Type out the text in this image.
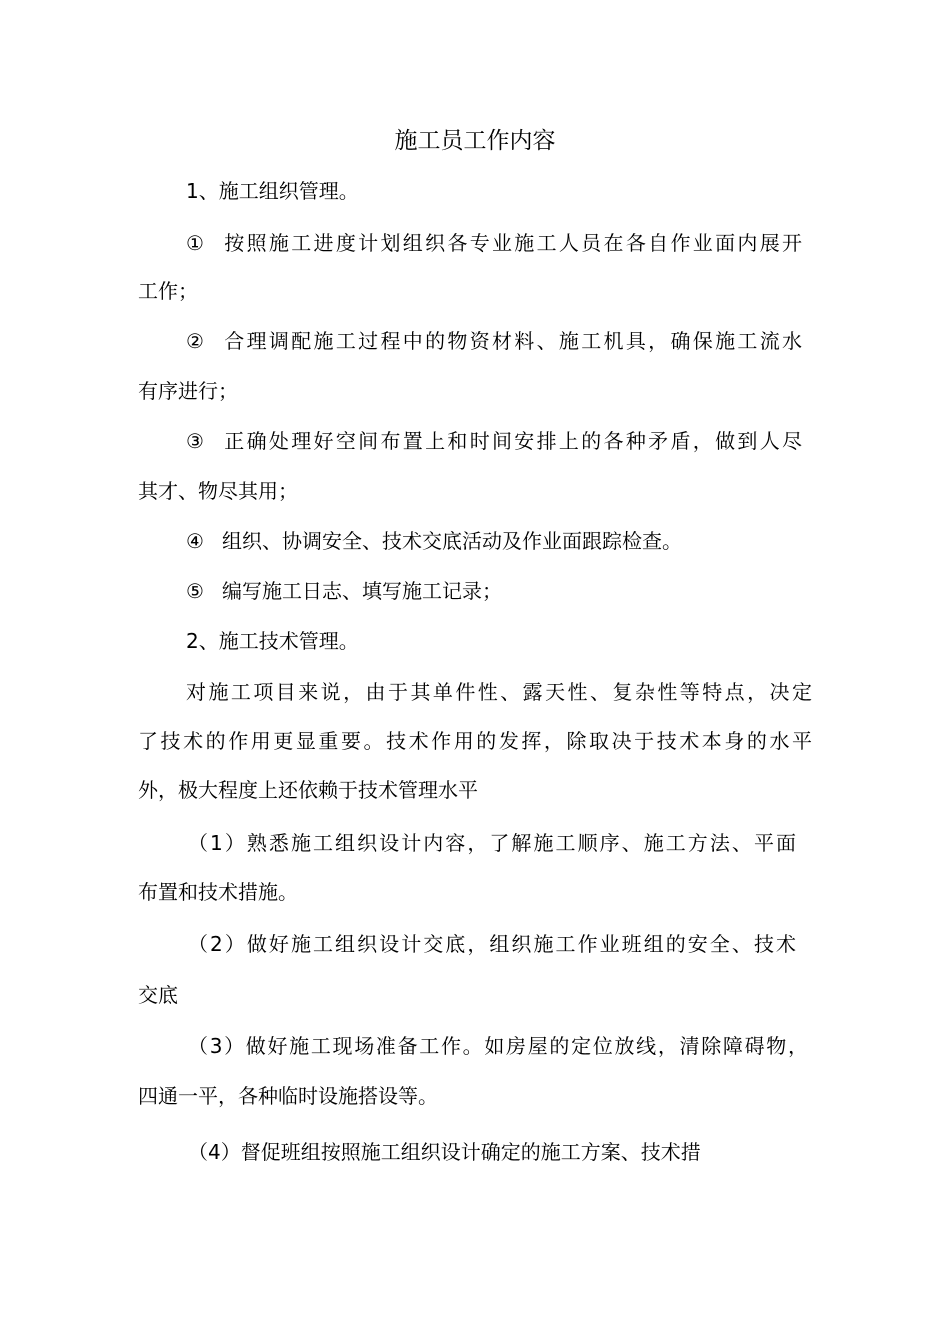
施工员工作内容
1、施工组织管理。
① 按照施工进度计划组织各专业施工人员在各自作业面内展开
工作；
② 合理调配施工过程中的物资材料、施工机具，确保施工流水
有序进行；
③ 正确处理好空间布置上和时间安排上的各种矛盾，做到人尽
其才、物尽其用；
④ 组织、协调安全、技术交底活动及作业面跟踪检查。
⑤ 编写施工日志、填写施工记录；
2、施工技术管理。
对施工项目来说，由于其单件性、露天性、复杂性等特点，决定
了技术的作用更显重要。技术作用的发挥，除取决于技术本身的水平
外，极大程度上还依赖于技术管理水平
（1）熟悉施工组织设计内容，了解施工顺序、施工方法、平面
布置和技术措施。
（2）做好施工组织设计交底，组织施工作业班组的安全、技术
交底
（3）做好施工现场准备工作。如房屋的定位放线，清除障碍物，
四通一平，各种临时设施搭设等。
（4）督促班组按照施工组织设计确定的施工方案、技术措
